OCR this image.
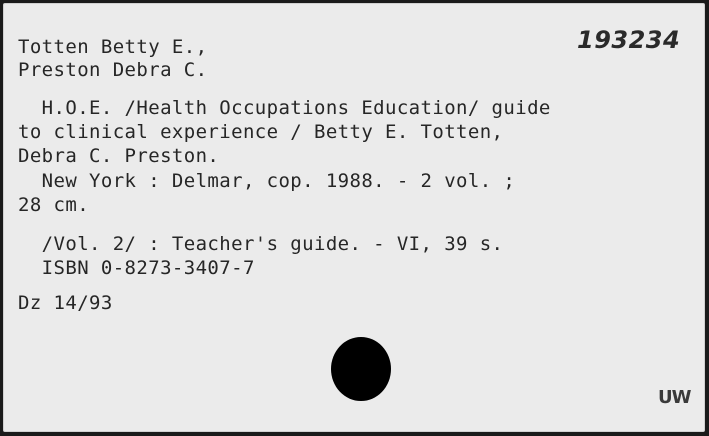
Totten Betty E.,
Preston Debra C.
193234
H.O.E. /Health Occupations Education/ guide
to clinical experience / Betty E. Totten,
Debra C. Preston.
New York : Delmar, cop. 1988. - 2 vol. ;
28 cm.
/Vol. 2/ : Teacher's guide. - VI, 39 s.
ISBN 0-8273-3407-7
Dz 14/93
UW
